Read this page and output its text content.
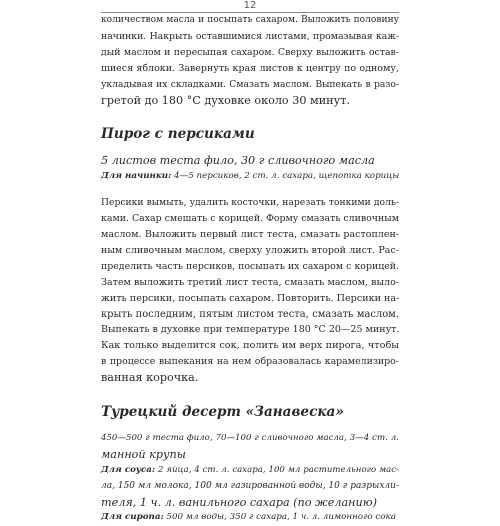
12

количеством масла и посыпать сахаром. Выложить половину
начинки. Накрыть оставшимися листами, промазывая каж-
дый маслом и пересыпая сахаром. Сверху выложить остав-
шиеся яблоки. Завернуть края листов к центру по одному,
укладывая их складками. Смазать маслом. Выпекать в разо-
гретой до 180 °С духовке около 30 минут.

Пирог с персиками

5 листов теста фило, 30 г сливочного масла
Для начинки: 4—5 персиков, 2 ст. л. сахара, щепотка корицы

Персики вымыть, удалить косточки, нарезать тонкими доль-
ками. Сахар смешать с корицей. Форму смазать сливочным
маслом. Выложить первый лист теста, смазать растоплен-
ным сливочным маслом, сверху уложить второй лист. Рас-
пределить часть персиков, посыпать их сахаром с корицей.
Затем выложить третий лист теста, смазать маслом, выло-
жить персики, посыпать сахаром. Повторить. Персики на-
крыть последним, пятым листом теста, смазать маслом.
Выпекать в духовке при температуре 180 °С 20—25 минут.
Как только выделится сок, полить им верх пирога, чтобы
в процессе выпекания на нем образовалась карамелизиро-
ванная корочка.

Турецкий десерт «Занавеска»

450—500 г теста фило, 70—100 г сливочного масла, 3—4 ст. л.
манной крупы
Для соуса: 2 яйца, 4 ст. л. сахара, 100 мл растительного мас-
ла, 150 мл молока, 100 мл газированной воды, 10 г разрыхли-
теля, 1 ч. л. ванильного сахара (по желанию)
Для сиропа: 500 мл воды, 350 г сахара, 1 ч. л. лимонного сока
